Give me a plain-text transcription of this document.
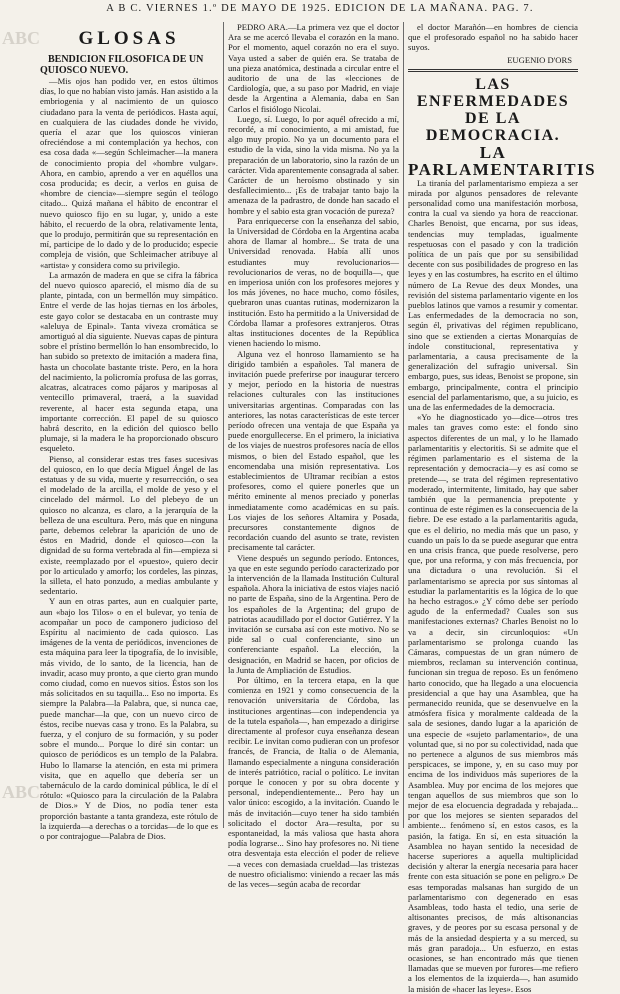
ABC
ABC
A B C. VIERNES 1.º DE MAYO DE 1925. EDICION DE LA MAÑANA. PAG. 7.
GLOSAS
BENDICION FILOSOFICA DE UN QUIOSCO NUEVO.

—Mis ojos han podido ver, en estos últimos días, lo que no habían visto jamás. Han asistido a la embriogenia y al nacimiento de un quiosco ciudadano para la venta de periódicos. Hasta aquí, en cualquiera de las ciudades donde he vivido, quería el azar que los quioscos vinieran ofreciéndose a mi contemplación ya hechos, con esa cosa dada «—según Schleimacher—la manera de conocimiento propia del «hombre vulgar». Ahora, en cambio, aprendo a ver en aquéllos una cosa producida; es decir, a verlos en guisa de «hombre de ciencia»—siempre según el teólogo citado... Quizá mañana el hábito de encontrar el nuevo quiosco fijo en su lugar, y, unido a este hábito, el recuerdo de la obra, relativamente lenta, que lo produjo, permitirán que su representación en mí, participe de lo dado y de lo producido; especie compleja de visión, que Schleimacher atribuye al «artista» y considera como su privilegio.

La armazón de madera en que se cifra la fábrica del nuevo quiosco apareció, el mismo día de su plante, pintada, con un bermellón muy simpático. Entre el verde de las hojas tiernas en los árboles, este gayo color se destacaba en un contraste muy «aleluya de Epinal». Tanta viveza cromática se amortiguó al día siguiente. Nuevas capas de pintura sobre el prístino bermellón lo han ensombrecido, lo han subido so pretexto de imitación a madera fina, hasta un chocolate bastante triste. Pero, en la hora del nacimiento, la policromía profusa de las gorras, alcatras, alcatraces como pájaros y mariposas al ventecillo primaveral, traerá, a la suavidad reverente, al hacer esta segunda etapa, una importante corrección. El papel de su quiosco habrá descrito, en la edición del quiosco bello plumaje, si la madera le ha proporcionado obscuro esqueleto.

Pienso, al considerar estas tres fases sucesivas del quiosco, en lo que decía Miguel Ángel de las estatuas y de su vida, muerte y resurrección, o sea el modelado de la arcilla, el molde de yeso y el cincelado del mármol. Lo del plebeyo de un quiosco no alcanza, es claro, a la jerarquía de la belleza de una escultura. Pero, más que en ninguna parte, debemos celebrar la aparición de uno de éstos en Madrid, donde el quiosco—con la dignidad de su forma vertebrada al fin—empieza si existe, reemplazado por el «puesto», quiero decir por lo articulado y amorfo; los cordeles, las pinzas, la silleta, el hato ponzudo, a medias ambulante y sedentario.

Y aun en otras partes, aun en cualquier parte, aun «bajo los Tilos» o en el bulevar, yo tenía de acompañar un poco de camponero judicioso del Espíritu al nacimiento de cada quiosco. Las imágenes de la venta de periódicos, invenciones de esta máquina para leer la tipografía, de lo invisible, más vivido, de lo santo, de la licencia, han de invadir, acaso muy pronto, a que cierto gran mundo como ciudad, como en nuevos sitios. Éstos son los más solicitados en su taquilla... Eso no importa. Es siempre la Palabra—la Palabra, que, si nunca cae, puede manchar—la que, con un nuevo circo de éstos, recibe nuevas casa y trono. Es la Palabra, su fuerza, y el conjuro de su formación, y su poder sobre el mundo... Porque lo diré sin contar: un quiosco de periódicos es un templo de la Palabra. Hubo lo llamarse la atención, en esta mi primera visita, que en aquello que debería ser un tabernáculo de la cardo dominical pública, le dí el rótulo: «Quiosco para la circulación de la Palabra de Dios.» Y de Dios, no podía tener esta proporción bastante a tanta grandeza, este rótulo de la izquierda—a derechas o a torcidas—de lo que es o por contrajogue—Palabra de Dios.

PEDRO ARA.—La primera vez que el doctor Ara se me acercó llevaba el corazón en la mano. Por el momento, aquel corazón no era el suyo. Vaya usted a saber de quién era. Se trataba de una pieza anatómica, destinada a circular entre el auditorio de una de las «lecciones de Cardiología, que, a su paso por Madrid, en viaje desde la Argentina a Alemania, daba en San Carlos el fisiólogo Nicolai.

Luego, sí. Luego, lo por aquél ofrecido a mí, recordé, a mí conocimiento, a mi amistad, fue algo muy propio. No ya un documento para el estudio de la vida, sino la vida misma. No ya la preparación de un laboratorio, sino la razón de un carácter. Vida aparentemente consagrada al saber. Carácter de un heroísmo obstinado y sin desfallecimiento... ¡Es de trabajar tanto bajo la amenaza de la padrastro, de donde han sacado el hombre y el sabio esta gran vocación de pureza?

Para enriquecerse con la enseñanza del sabio, la Universidad de Córdoba en la Argentina acaba ahora de llamar al hombre... Se trata de una Universidad renovada. Había allí unos estudiantes muy revolucionarios—revolucionarios de veras, no de boquilla—, que en imperiosa unión con los profesores mejores y los más jóvenes, no hace mucho, como fósiles, quebraron unas cuantas rutinas, modernizaron la institución. Esto ha permitido a la Universidad de Córdoba llamar a profesores extranjeros. Otras altas instituciones docentes de la República vienen haciendo lo mismo.

Alguna vez el honroso llamamiento se ha dirigido también a españoles. Tal manera de invitación puede preferirse por inaugurar tercero y mejor, período en la historia de nuestras relaciones culturales con las instituciones universitarias argentinas. Comparadas con las anteriores, las notas características de este tercer período ofrecen una ventaja de que España ya puede enorgullecerse. En el primero, la iniciativa de los viajes de nuestros profesores nacía de ellos mismos, o bien del Estado español, que les encomendaba una misión representativa. Los establecimientos de Ultramar recibían a estos profesores, como el quiere ponerles que un mérito eminente al menos preciado y ponerlas inmediatamente como académicas en su país. Los viajes de los señores Altamira y Posada, precursores constantemente dignos de recordación cuando del asunto se trate, revisten precisamente tal carácter.

Viene después un segundo período. Entonces, ya que en este segundo período caracterizado por la intervención de la llamada Institución Cultural española. Ahora la iniciativa de estos viajes nació no parte de España, sino de la Argentina. Pero de los españoles de la Argentina; del grupo de patriotas acaudillado por el doctor Gutiérrez. Y la invitación se cursaba así con este motivo. No se pide sal o cual conferenciante, sino un conferenciante español. La elección, la designación, en Madrid se hacen, por oficios de la Junta de Ampliación de Estudios.

Por último, en la tercera etapa, en la que comienza en 1921 y como consecuencia de la renovación universitaria de Córdoba, las instituciones argentinas—con independencia ya de la tutela española—, han empezado a dirigirse directamente al profesor cuya enseñanza desean recibir. Le invitan como pudieran con un profesor francés, de Francia, de Italia o de Alemania, llamando especialmente a ninguna consideración de interés patriótico, racial o político. Le invitan porque le conocen y por su obra docente y personal, independientemente... Pero hay un valor único: escogido, a la invitación. Cuando le más de invitación—cuyo tener ha sido también solicitado el doctor Ara—resulta, por su espontaneidad, la más valiosa que hasta ahora podía lograrse... Sino hay profesores no. Ni tiene otra desventaja esta elección el poder de relieve—a veces con demasiada crueldad—las tristezas de nuestro oficialismo: viniendo a recaer las más de las veces—según acaba de recordar

el doctor Marañón—en hombres de ciencia que el profesorado español no ha sabido hacer suyos.

EUGENIO D'ORS
LAS ENFERMEDADES
DE LA DEMOCRACIA.
LA PARLAMENTARITIS

La tiranía del parlamentarismo empieza a ser mirada por algunos pensadores de relevante personalidad como una manifestación morbosa, contra la cual va siendo ya hora de reaccionar. Charles Benoist, que encarna, por sus ideas, tendencias muy templadas, igualmente respetuosas con el pasado y con la tradición política de un país que por su sensibilidad decente con sus posibilidades de progreso en las leyes y en las costumbres, ha escrito en el último número de La Revue des deux Mondes, una revisión del sistema parlamentario vigente en los pueblos latinos que vamos a resumir y comentar. Las enfermedades de la democracia no son, según él, privativas del régimen republicano, sino que se extienden a ciertas Monarquías de índole constitucional, representativa y parlamentaria, a causa precisamente de la generalización del sufragio universal. Sin embargo, pues, sus ideas, Benoist se propone, sin embargo, principalmente, contra el principio esencial del parlamentarismo, que, a su juicio, es una de las enfermedades de la democracia.

«Yo he diagnosticado yo—dice—otros tres males tan graves como este: el fondo sino aspectos diferentes de un mal, y lo he llamado parlamentaritis y electoritis. Si se admite que el régimen parlamentario es el sistema de la representación y democracia—y es así como se pretende—, se trata del régimen representativo moderado, intermitente, limitado, hay que saber también que la permanencia prepotente y continua de este régimen es la consecuencia de la fiebre. De ese estado a la parlamentaritis aguda, que es el delirio, no media más que un paso, y cuando un país lo da se puede asegurar que entra en una crisis franca, que puede resolverse, pero que, por una reforma, y con más frecuencia, por una dictadura o una revolución. Si el parlamentarismo se aprecia por sus síntomas al estudiar la parlamentaritis es la lógica de lo que ha hecho estragos.» ¿Y cómo debe ser período agudo de la enfermedad? Cuales son sus manifestaciones externas? Charles Benoist no lo va a decir, sin circunloquios: «Un parlamentarismo se prolonga cuando las Cámaras, compuestas de un gran número de miembros, reclaman su intervención continua, funcionan sin tregua de reposo. Es un fenómeno harto conocido, que ha llegado a una elocuencia presidencial a que hay una Asamblea, que ha permanecido reunida, que se desenvuelve en la atmósfera física y moralmente caldeada de la sala de sesiones, dando lugar a la aparición de una especie de «sujeto parlamentario», de una voluntad que, si no por su colectividad, nada que no pertenece a algunos de sus miembros más perspicaces, se impone, y, en su caso muy por encima de los individuos más superiores de la Asamblea. Muy por encima de los mejores que tengan aquellos de sus miembros que son lo mejor de esa elocuencia degradada y rebajada... por que los mejores se sienten separados del ambiente... fenómeno sí, en estos casos, es la pasión, la fatiga. En sí, en esta situación la Asamblea no hayan sentido la necesidad de hacerse superiores a aquella multiplicidad decisión y alterar la energía necesaria para hacer frente con esta situación se pone en peligro.» De esas temporadas malsanas han surgido de un parlamentarismo con degenerado en esas Asambleas, todo hasta el tedio, una serie de altisonantes precisos, de más altisonancias graves, y de peores por su escasa personal y de más de la ansiedad despierta y a su merced, su más gran paradoja... Un esfuerzo, en estas ocasiones, se han encontrado más que tienen llamadas que se mueven por furores—me refiero a los elementos de la izquierda—, han asumido la misión de «hacer las leyes». Esos
